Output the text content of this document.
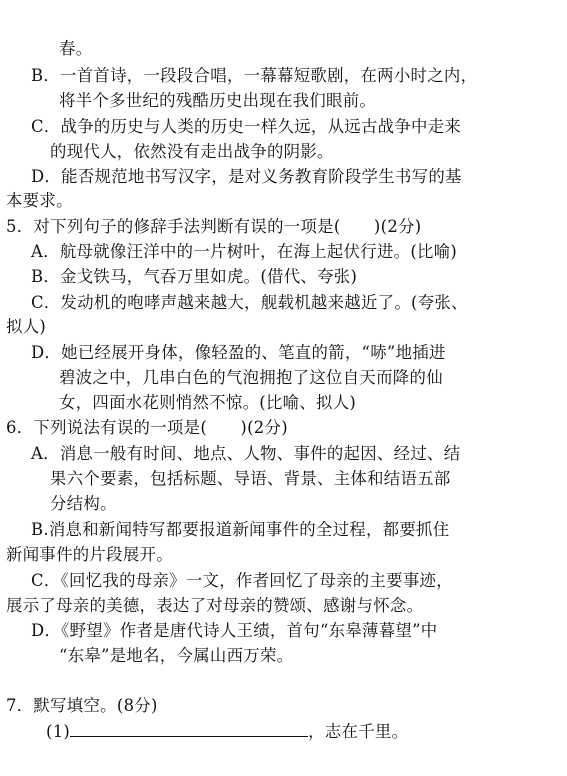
春。
B．一首首诗，一段段合唱，一幕幕短歌剧，在两小时之内，
将半个多世纪的残酷历史出现在我们眼前。
C．战争的历史与人类的历史一样久远，从远古战争中走来
的现代人，依然没有走出战争的阴影。
D．能否规范地书写汉字，是对义务教育阶段学生书写的基
本要求。
5．对下列句子的修辞手法判断有误的一项是(　　)(2分)
A．航母就像汪洋中的一片树叶，在海上起伏行进。(比喻)
B．金戈铁马，气吞万里如虎。(借代、夸张)
C．发动机的咆哮声越来越大，舰载机越来越近了。(夸张、
拟人)
D．她已经展开身体，像轻盈的、笔直的箭，“哧”地插进
碧波之中，几串白色的气泡拥抱了这位自天而降的仙
女，四面水花则悄然不惊。(比喻、拟人)
6．下列说法有误的一项是(　　)(2分)
A．消息一般有时间、地点、人物、事件的起因、经过、结
果六个要素，包括标题、导语、背景、主体和结语五部
分结构。
B.消息和新闻特写都要报道新闻事件的全过程，都要抓住
新闻事件的片段展开。
C．《回忆我的母亲》一文，作者回忆了母亲的主要事迹，
展示了母亲的美德，表达了对母亲的赞颂、感谢与怀念。
D．《野望》作者是唐代诗人王绩，首句“东皋薄暮望”中
“东皋”是地名，今属山西万荣。
7．默写填空。(8分)
(1)	，志在千里。
